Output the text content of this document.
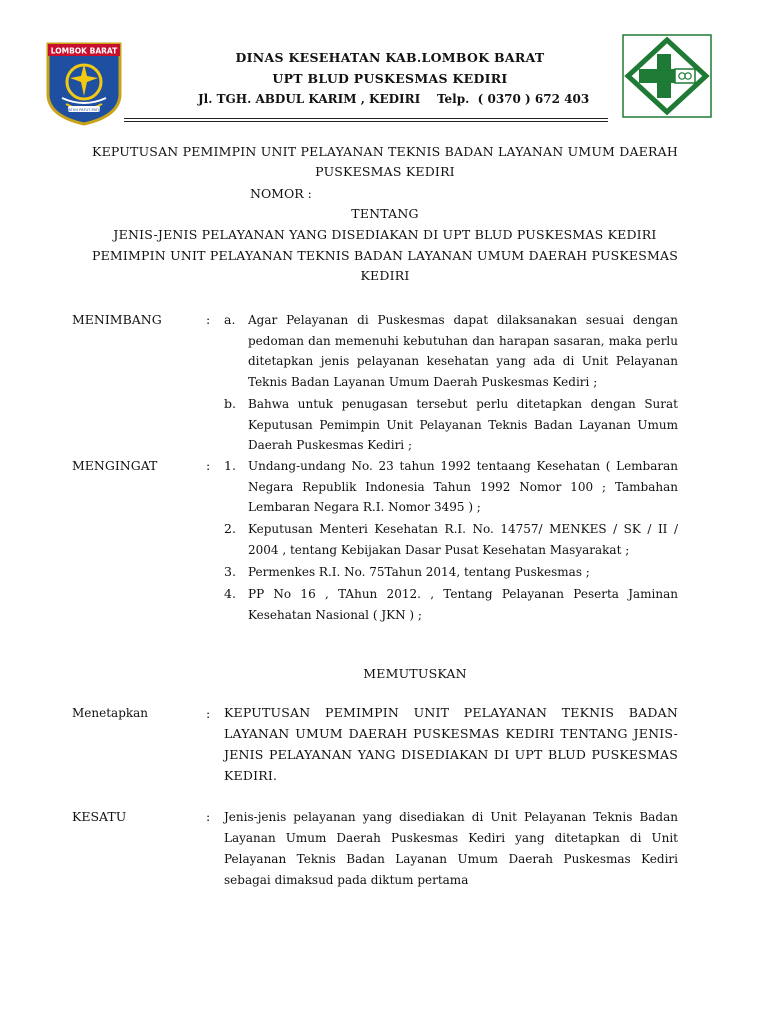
LOMBOK BARAT
PATUH PATUT PATJU
DINAS KESEHATAN KAB.LOMBOK BARAT
UPT BLUD PUSKESMAS KEDIRI
Jl. TGH. ABDUL KARIM , KEDIRI    Telp.  ( 0370 ) 672 403
KEPUTUSAN PEMIMPIN UNIT PELAYANAN TEKNIS BADAN LAYANAN UMUM DAERAH
PUSKESMAS KEDIRI
NOMOR :
TENTANG
JENIS-JENIS PELAYANAN YANG DISEDIAKAN DI UPT BLUD PUSKESMAS KEDIRI
PEMIMPIN UNIT PELAYANAN TEKNIS BADAN LAYANAN UMUM DAERAH PUSKESMAS
KEDIRI
MENIMBANG	: a. Agar Pelayanan di Puskesmas dapat dilaksanakan sesuai dengan pedoman dan memenuhi kebutuhan dan harapan sasaran, maka perlu ditetapkan jenis pelayanan kesehatan yang ada di Unit Pelayanan Teknis Badan Layanan Umum Daerah Puskesmas Kediri ;
b. Bahwa untuk penugasan tersebut perlu ditetapkan dengan Surat Keputusan Pemimpin Unit Pelayanan Teknis Badan Layanan Umum Daerah Puskesmas Kediri ;
MENGINGAT	: 1. Undang-undang No. 23 tahun 1992 tentaang Kesehatan ( Lembaran Negara Republik Indonesia Tahun 1992 Nomor 100 ; Tambahan Lembaran Negara R.I. Nomor 3495 ) ;
2. Keputusan Menteri Kesehatan R.I. No. 14757/ MENKES / SK / II / 2004 , tentang Kebijakan Dasar Pusat Kesehatan Masyarakat ;
3. Permenkes R.I. No. 75Tahun 2014, tentang Puskesmas ;
4. PP No 16 , TAhun 2012. , Tentang Pelayanan Peserta Jaminan Kesehatan Nasional ( JKN ) ;
MEMUTUSKAN
Menetapkan	: KEPUTUSAN PEMIMPIN UNIT PELAYANAN TEKNIS BADAN LAYANAN UMUM DAERAH PUSKESMAS KEDIRI TENTANG JENIS-JENIS PELAYANAN YANG DISEDIAKAN DI UPT BLUD PUSKESMAS KEDIRI.
KESATU	: Jenis-jenis pelayanan yang disediakan di Unit Pelayanan Teknis Badan Layanan Umum Daerah Puskesmas Kediri yang ditetapkan di Unit Pelayanan Teknis Badan Layanan Umum Daerah Puskesmas Kediri sebagai dimaksud pada diktum pertama
